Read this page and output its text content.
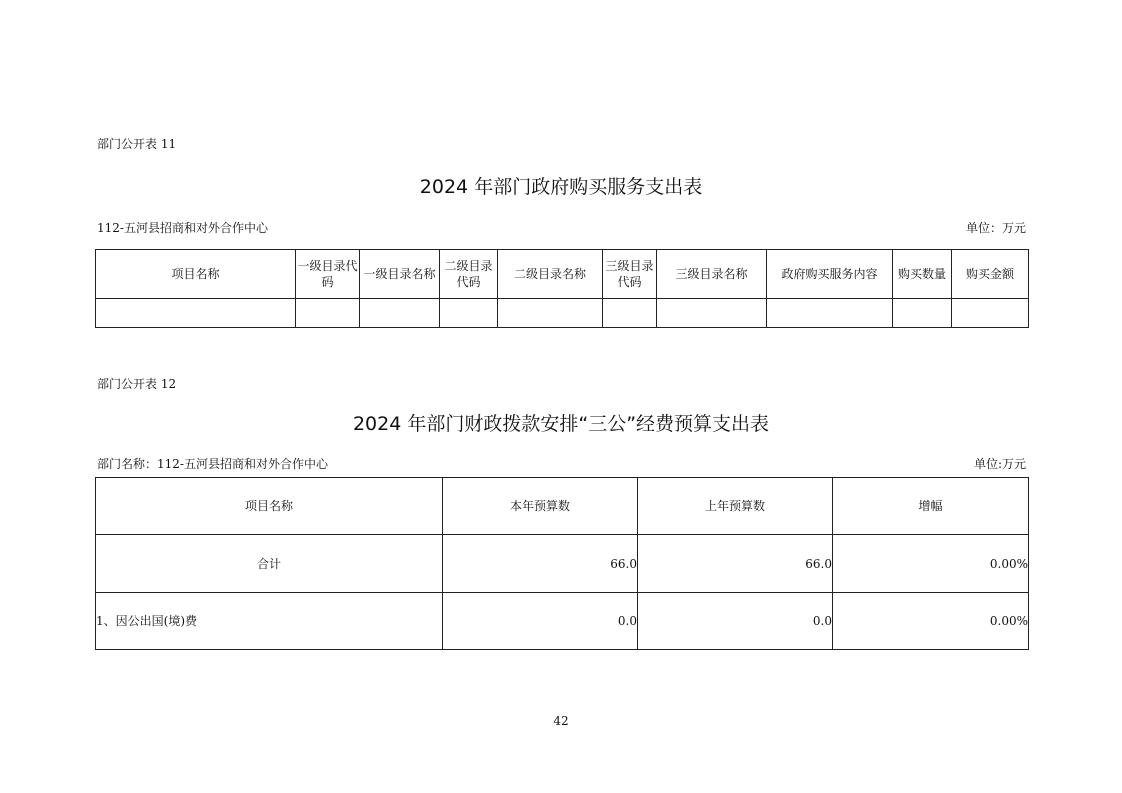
部门公开表 11
2024 年部门政府购买服务支出表
112-五河县招商和对外合作中心	单位：万元
项目名称	一级目录代码	一级目录名称	二级目录代码	二级目录名称	三级目录代码	三级目录名称	政府购买服务内容	购买数量	购买金额

部门公开表 12
2024 年部门财政拨款安排“三公”经费预算支出表
部门名称：112-五河县招商和对外合作中心	单位:万元
项目名称	本年预算数	上年预算数	增幅
合计	66.0	66.0	0.00%
1、因公出国(境)费	0.0	0.0	0.00%
42
